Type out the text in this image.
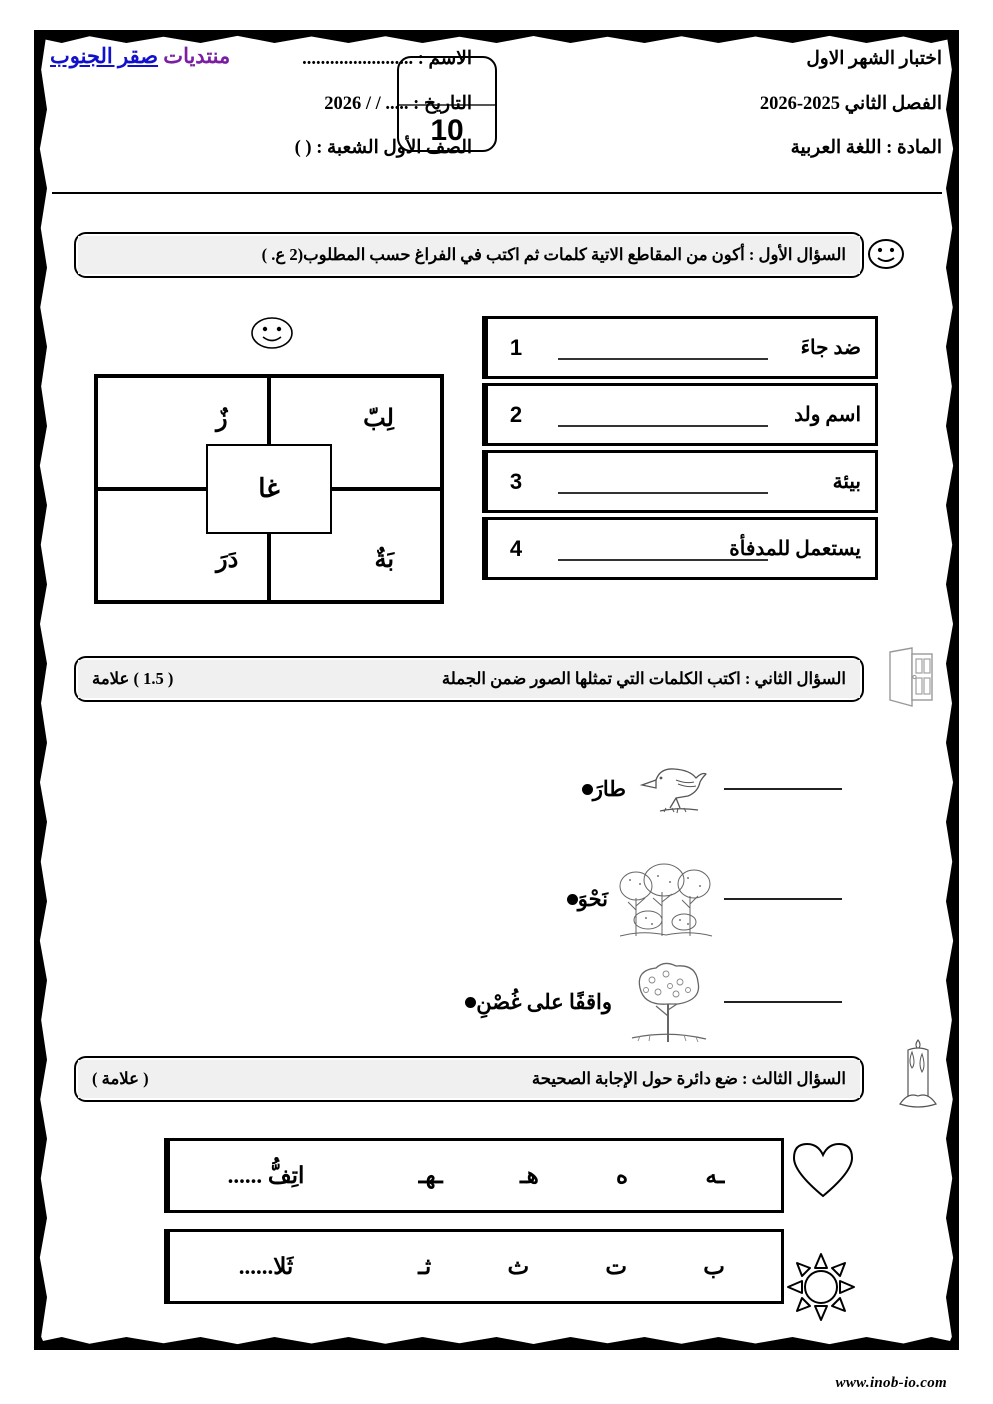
منتديات صقر الجنوب	اختبار الشهر الاول
الفصل الثاني 2025-2026
المادة : اللغة العربية
10
الاسم : ........................
التاريخ : ..... / / 2026
الصف الأول الشعبة : ( )
السؤال الأول : أكون من المقاطع الاتية كلمات ثم اكتب في الفراغ حسب المطلوب(2 ع. )
1	ضد جاءَ
2	اسم ولد
3	بيئة
4	يستعمل للمدفأة
لِبّ
زٌ
بَةٌ
دَرَ
غا
السؤال الثاني : اكتب الكلمات التي تمثلها الصور ضمن الجملة
( 1.5 ) علامة
طارَ
نَحْوَ
واقفًا على غُصْنِ
السؤال الثالث : ضع دائرة حول الإجابة الصحيحة
( علامة )
اتِفُّ ......	ـهـ	هـ	ه	ـه
ثَلا......	ثـ	ث	ت	ب
www.inob-io.com
